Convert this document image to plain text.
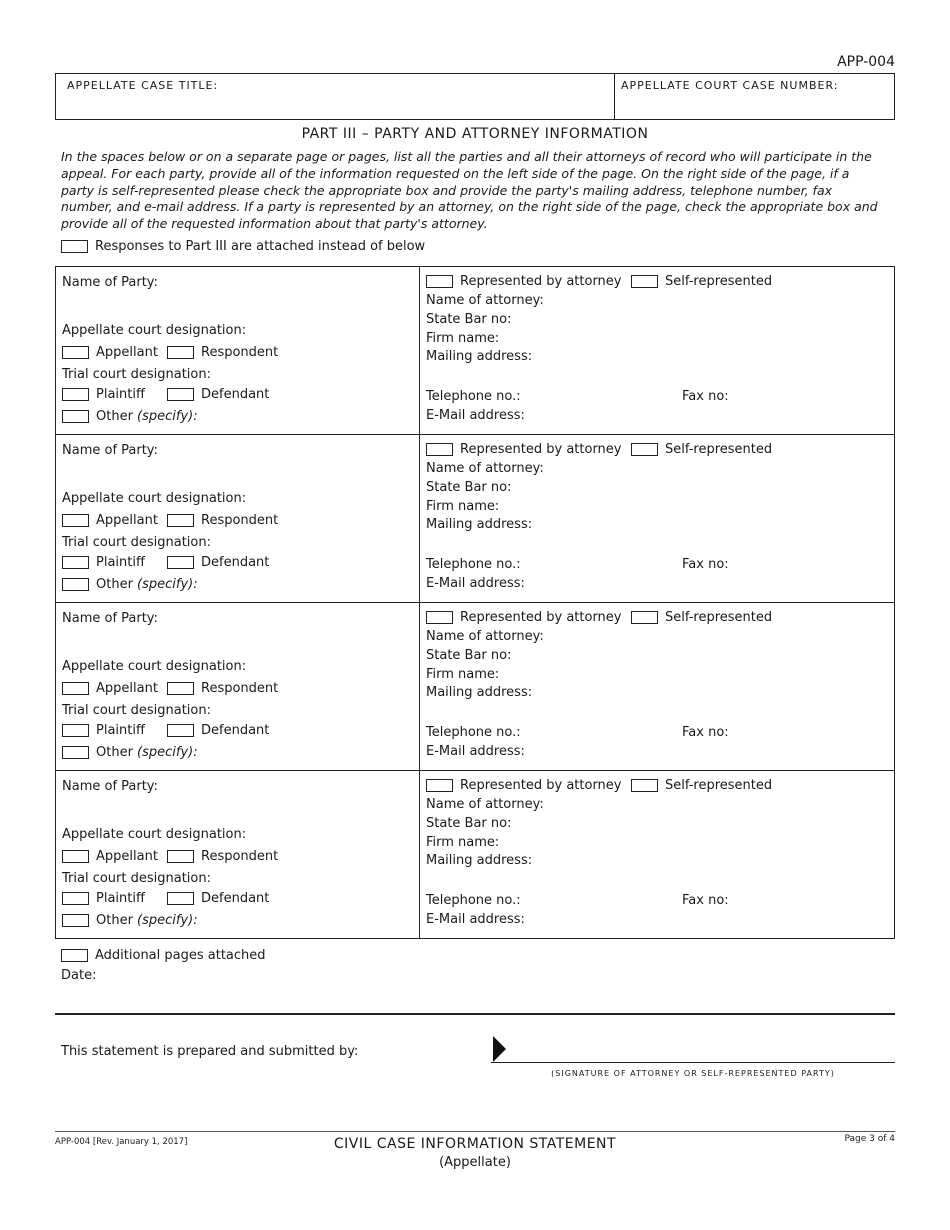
APP-004
APPELLATE CASE TITLE:	APPELLATE COURT CASE NUMBER:
PART III – PARTY AND ATTORNEY INFORMATION
In the spaces below or on a separate page or pages, list all the parties and all their attorneys of record who will participate in the appeal. For each party, provide all of the information requested on the left side of the page. On the right side of the page, if a party is self-represented please check the appropriate box and provide the party's mailing address, telephone number, fax number, and e-mail address. If a party is represented by an attorney, on the right side of the page, check the appropriate box and provide all of the requested information about that party's attorney.
Responses to Part III are attached instead of below
Name of Party:
Appellate court designation:
Appellant	Respondent
Trial court designation:
Plaintiff	Defendant
Other (specify):
Represented by attorney	Self-represented
Name of attorney:
State Bar no:
Firm name:
Mailing address:
Telephone no.:	Fax no:
E-Mail address:
Name of Party:
Appellate court designation:
Appellant	Respondent
Trial court designation:
Plaintiff	Defendant
Other (specify):
Represented by attorney	Self-represented
Name of attorney:
State Bar no:
Firm name:
Mailing address:
Telephone no.:	Fax no:
E-Mail address:
Name of Party:
Appellate court designation:
Appellant	Respondent
Trial court designation:
Plaintiff	Defendant
Other (specify):
Represented by attorney	Self-represented
Name of attorney:
State Bar no:
Firm name:
Mailing address:
Telephone no.:	Fax no:
E-Mail address:
Name of Party:
Appellate court designation:
Appellant	Respondent
Trial court designation:
Plaintiff	Defendant
Other (specify):
Represented by attorney	Self-represented
Name of attorney:
State Bar no:
Firm name:
Mailing address:
Telephone no.:	Fax no:
E-Mail address:
Additional pages attached
Date:
This statement is prepared and submitted by:
(SIGNATURE OF ATTORNEY OR SELF-REPRESENTED PARTY)
APP-004 [Rev. January 1, 2017]	CIVIL CASE INFORMATION STATEMENT
(Appellate)
Page 3 of 4
